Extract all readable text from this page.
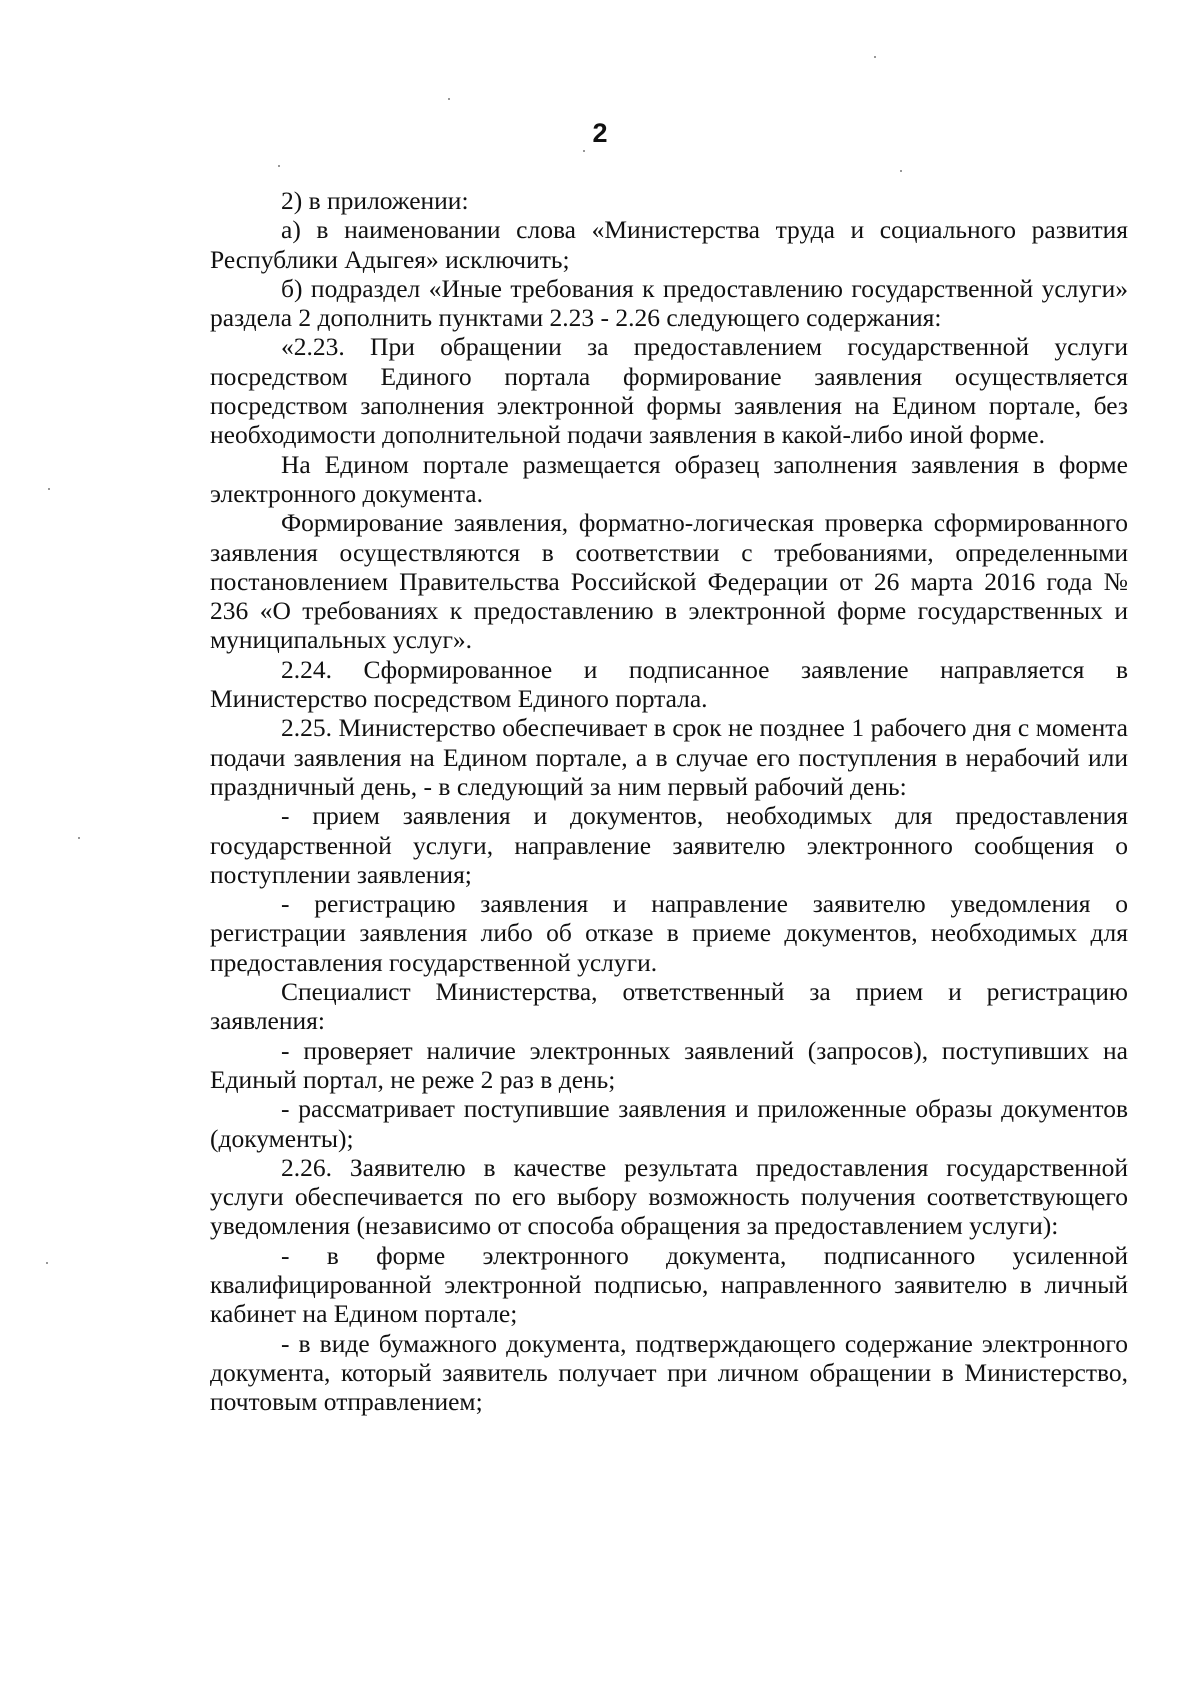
2

2) в приложении:

а) в наименовании слова «Министерства труда и социального развития Республики Адыгея» исключить;

б) подраздел «Иные требования к предоставлению государственной услуги» раздела 2 дополнить пунктами 2.23 - 2.26 следующего содержания:

«2.23. При обращении за предоставлением государственной услуги посредством Единого портала формирование заявления осуществляется посредством заполнения электронной формы заявления на Едином портале, без необходимости дополнительной подачи заявления в какой-либо иной форме.

На Едином портале размещается образец заполнения заявления в форме электронного документа.

Формирование заявления, форматно-логическая проверка сформированного заявления осуществляются в соответствии с требованиями, определенными постановлением Правительства Российской Федерации от 26 марта 2016 года № 236 «О требованиях к предоставлению в электронной форме государственных и муниципальных услуг».

2.24. Сформированное и подписанное заявление направляется в Министерство посредством Единого портала.

2.25. Министерство обеспечивает в срок не позднее 1 рабочего дня с момента подачи заявления на Едином портале, а в случае его поступления в нерабочий или праздничный день, - в следующий за ним первый рабочий день:

- прием заявления и документов, необходимых для предоставления государственной услуги, направление заявителю электронного сообщения о поступлении заявления;

- регистрацию заявления и направление заявителю уведомления о регистрации заявления либо об отказе в приеме документов, необходимых для предоставления государственной услуги.

Специалист Министерства, ответственный за прием и регистрацию заявления:

- проверяет наличие электронных заявлений (запросов), поступивших на Единый портал, не реже 2 раз в день;

- рассматривает поступившие заявления и приложенные образы документов (документы);

2.26. Заявителю в качестве результата предоставления государственной услуги обеспечивается по его выбору возможность получения соответствующего уведомления (независимо от способа обращения за предоставлением услуги):

- в форме электронного документа, подписанного усиленной квалифицированной электронной подписью, направленного заявителю в личный кабинет на Едином портале;

- в виде бумажного документа, подтверждающего содержание электронного документа, который заявитель получает при личном обращении в Министерство, почтовым отправлением;
